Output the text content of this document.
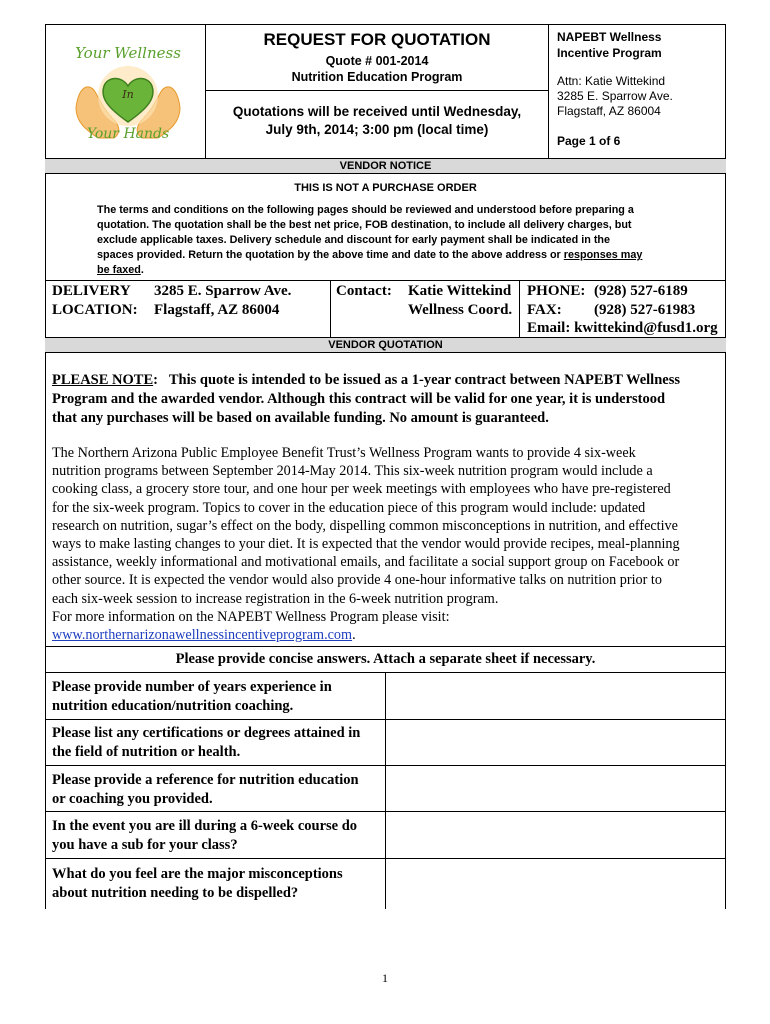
Your Wellness
In
Your Hands
REQUEST FOR QUOTATION
Quote # 001-2014
Nutrition Education Program
Quotations will be received until Wednesday,
July 9th, 2014; 3:00 pm (local time)
NAPEBT Wellness
Incentive Program
Attn: Katie Wittekind
3285 E. Sparrow Ave.
Flagstaff, AZ 86004
Page 1 of 6
VENDOR NOTICE
THIS IS NOT A PURCHASE ORDER
The terms and conditions on the following pages should be reviewed and understood before preparing a
quotation. The quotation shall be the best net price, FOB destination, to include all delivery charges, but
exclude applicable taxes. Delivery schedule and discount for early payment shall be indicated in the
spaces provided. Return the quotation by the above time and date to the above address or responses may
be faxed.
DELIVERY
LOCATION:
3285 E. Sparrow Ave.
Flagstaff, AZ 86004
Contact: Katie Wittekind
Wellness Coord.
PHONE: (928) 527-6189
FAX: (928) 527-61983
Email: kwittekind@fusd1.org
VENDOR QUOTATION
PLEASE NOTE: This quote is intended to be issued as a 1-year contract between NAPEBT Wellness
Program and the awarded vendor. Although this contract will be valid for one year, it is understood
that any purchases will be based on available funding. No amount is guaranteed.
The Northern Arizona Public Employee Benefit Trust’s Wellness Program wants to provide 4 six-week
nutrition programs between September 2014-May 2014. This six-week nutrition program would include a
cooking class, a grocery store tour, and one hour per week meetings with employees who have pre-registered
for the six-week program. Topics to cover in the education piece of this program would include: updated
research on nutrition, sugar’s effect on the body, dispelling common misconceptions in nutrition, and effective
ways to make lasting changes to your diet. It is expected that the vendor would provide recipes, meal-planning
assistance, weekly informational and motivational emails, and facilitate a social support group on Facebook or
other source. It is expected the vendor would also provide 4 one-hour informative talks on nutrition prior to
each six-week session to increase registration in the 6-week nutrition program.
For more information on the NAPEBT Wellness Program please visit:
www.northernarizonawellnessincentiveprogram.com.
Please provide concise answers. Attach a separate sheet if necessary.
Please provide number of years experience in
nutrition education/nutrition coaching.
Please list any certifications or degrees attained in
the field of nutrition or health.
Please provide a reference for nutrition education
or coaching you provided.
In the event you are ill during a 6-week course do
you have a sub for your class?
What do you feel are the major misconceptions
about nutrition needing to be dispelled?
1
